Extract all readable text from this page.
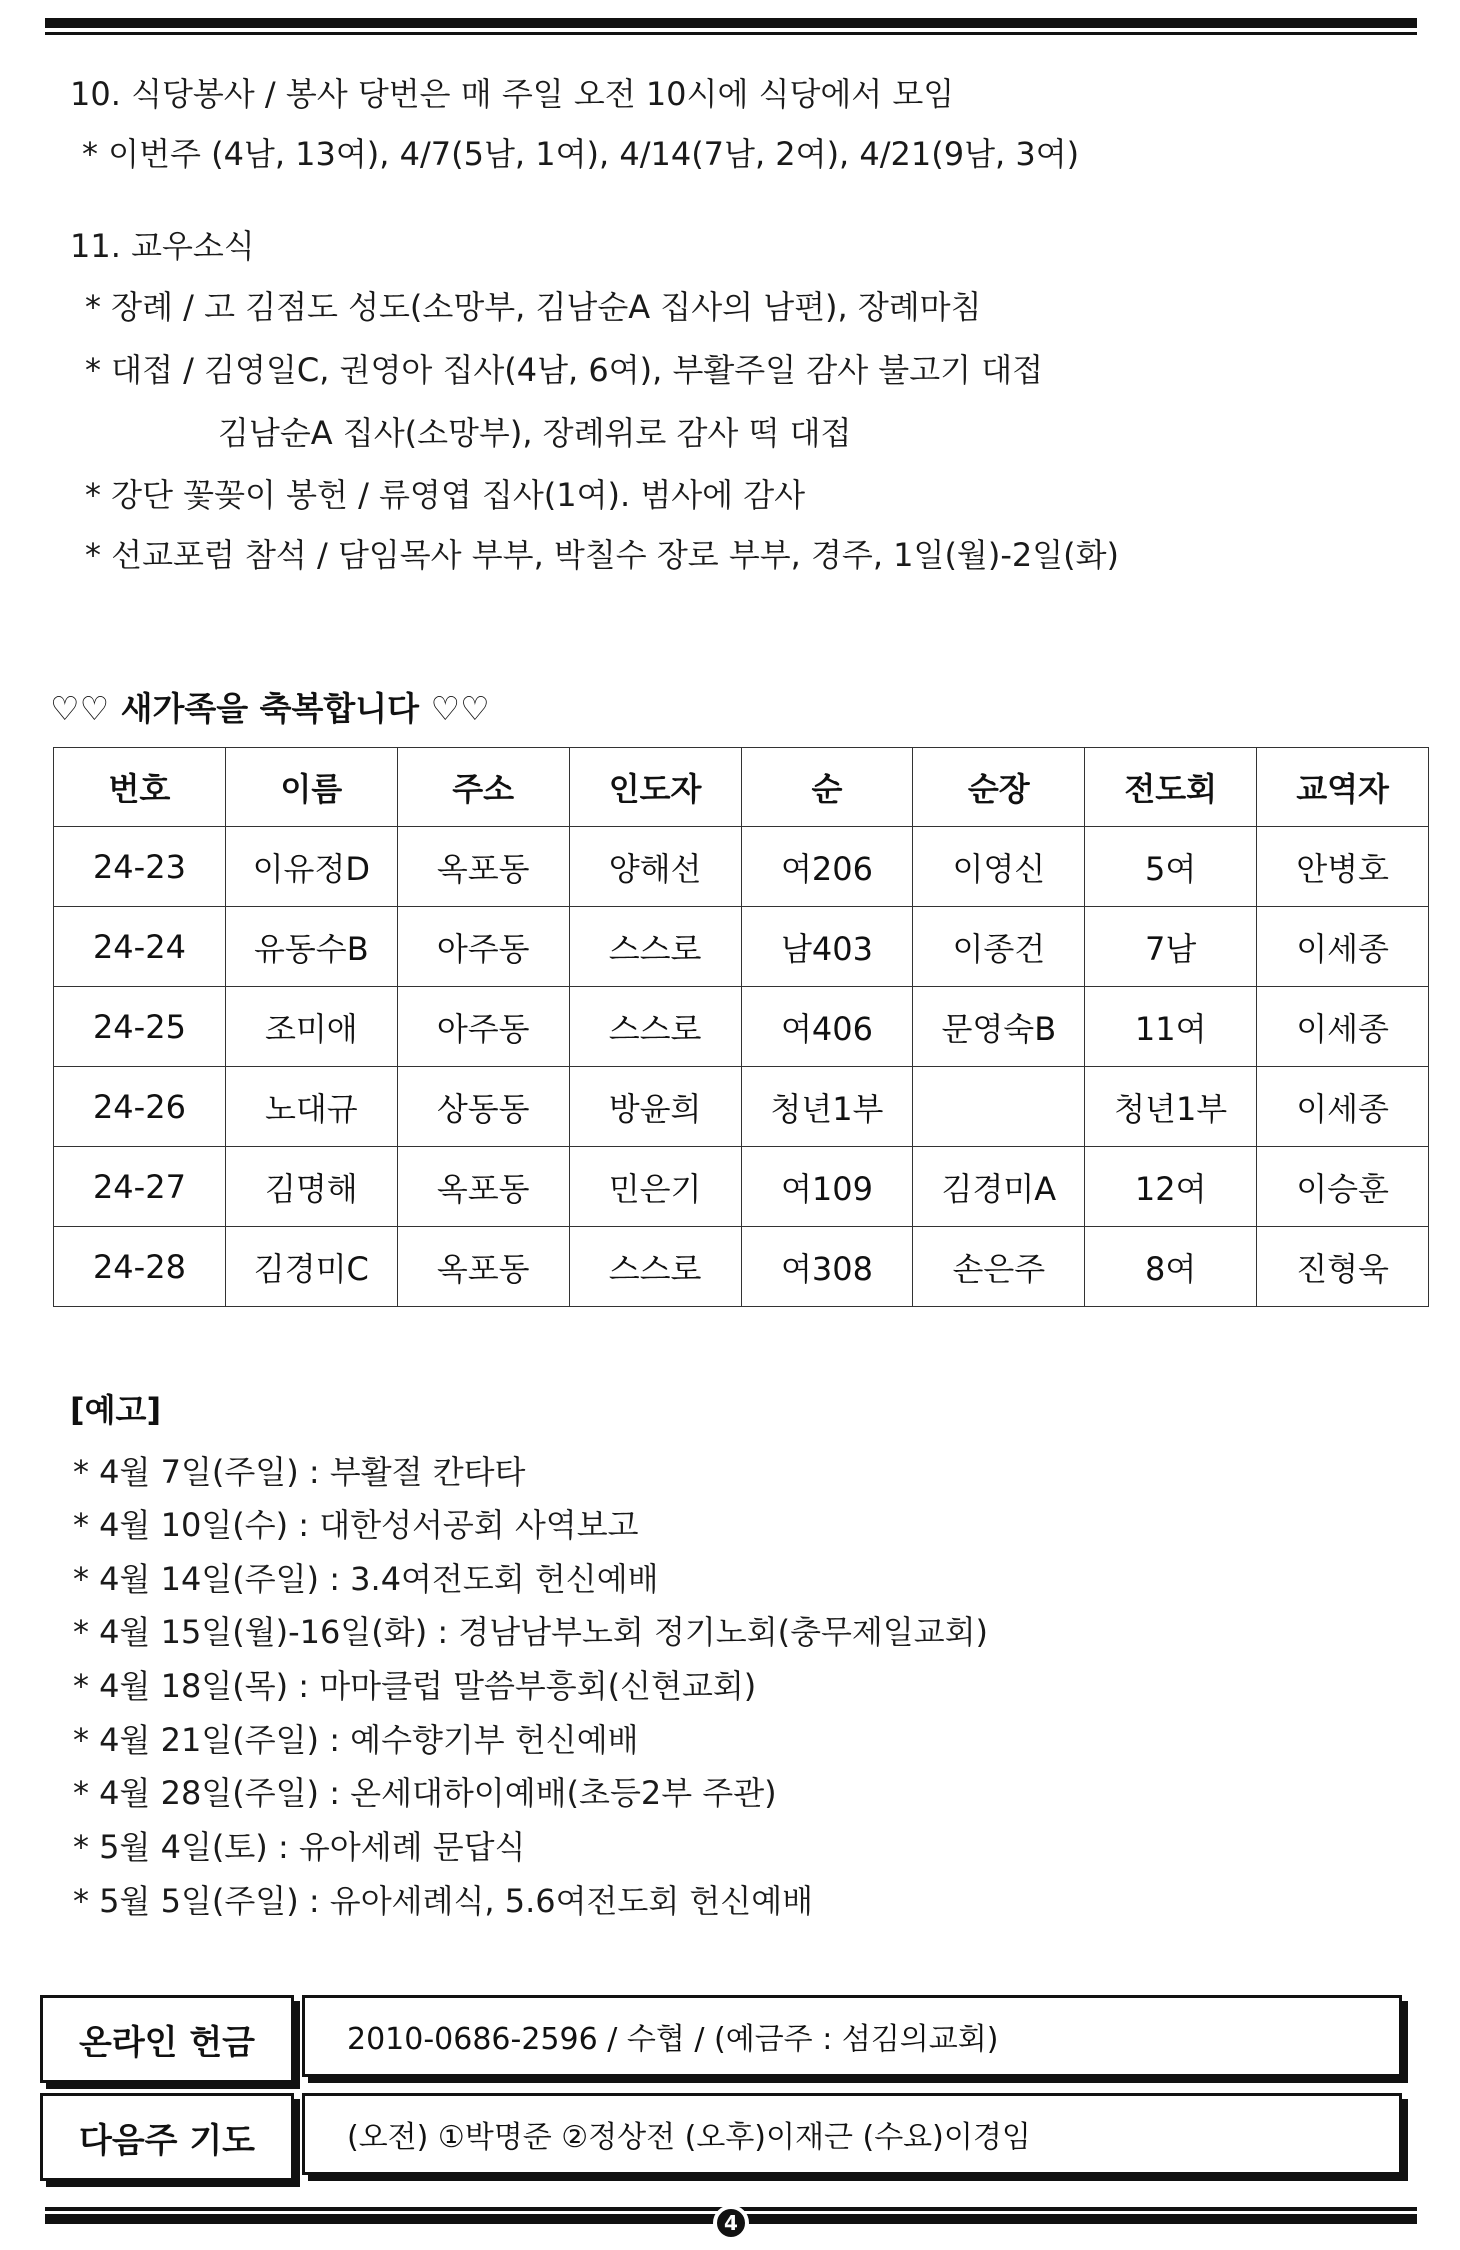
10. 식당봉사 / 봉사 당번은 매 주일 오전 10시에 식당에서 모임
* 이번주 (4남, 13여), 4/7(5남, 1여), 4/14(7남, 2여), 4/21(9남, 3여)
11. 교우소식
* 장례 / 고 김점도 성도(소망부, 김남순A 집사의 남편), 장례마침
* 대접 / 김영일C, 권영아 집사(4남, 6여), 부활주일 감사 불고기 대접
김남순A 집사(소망부), 장례위로 감사 떡 대접
* 강단 꽃꽂이 봉헌 / 류영엽 집사(1여). 범사에 감사
* 선교포럼 참석 / 담임목사 부부, 박칠수 장로 부부, 경주, 1일(월)-2일(화)
♡♡ 새가족을 축복합니다 ♡♡
번호	이름	주소	인도자	순	순장	전도회	교역자
24-23	이유정D	옥포동	양해선	여206	이영신	5여	안병호
24-24	유동수B	아주동	스스로	남403	이종건	7남	이세종
24-25	조미애	아주동	스스로	여406	문영숙B	11여	이세종
24-26	노대규	상동동	방윤희	청년1부		청년1부	이세종
24-27	김명해	옥포동	민은기	여109	김경미A	12여	이승훈
24-28	김경미C	옥포동	스스로	여308	손은주	8여	진형욱
[예고]
* 4월 7일(주일) : 부활절 칸타타
* 4월 10일(수) : 대한성서공회 사역보고
* 4월 14일(주일) : 3.4여전도회 헌신예배
* 4월 15일(월)-16일(화) : 경남남부노회 정기노회(충무제일교회)
* 4월 18일(목) : 마마클럽 말씀부흥회(신현교회)
* 4월 21일(주일) : 예수향기부 헌신예배
* 4월 28일(주일) : 온세대하이예배(초등2부 주관)
* 5월 4일(토) : 유아세례 문답식
* 5월 5일(주일) : 유아세례식, 5.6여전도회 헌신예배
온라인 헌금	2010-0686-2596 / 수협 / (예금주 : 섬김의교회)
다음주 기도	(오전) ①박명준 ②정상전 (오후)이재근 (수요)이경임
4
